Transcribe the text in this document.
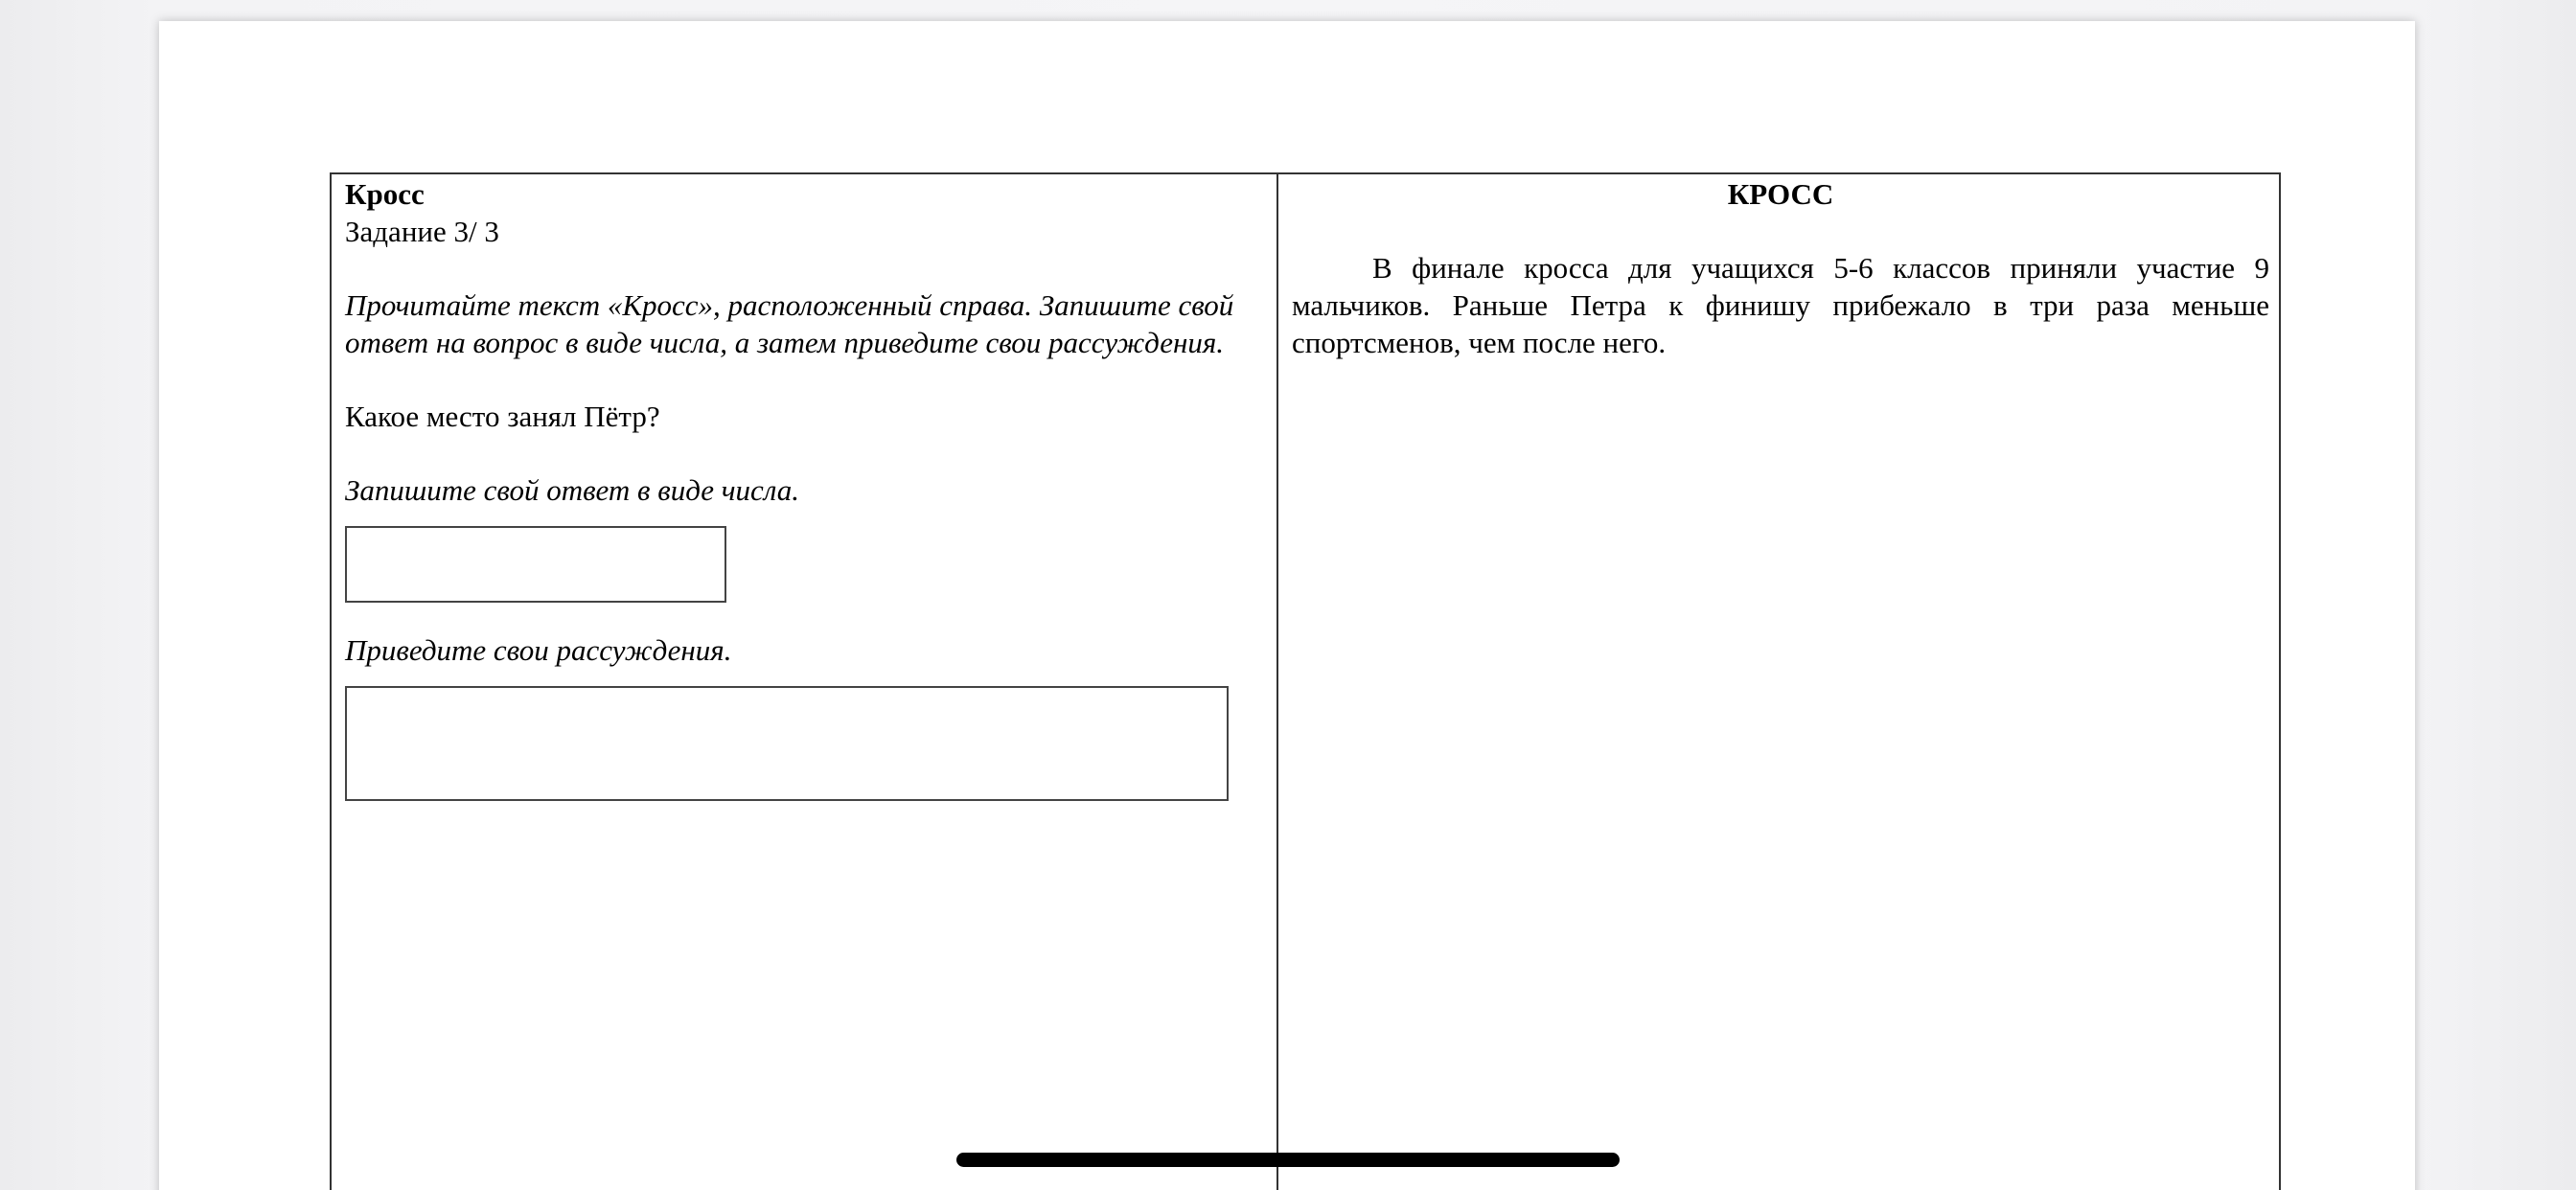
Кросс

Задание 3/ 3

Прочитайте текст «Кросс», расположенный справа. Запишите свой ответ на вопрос в виде числа, а затем приведите свои рассуждения.

Какое место занял Пётр?

Запишите свой ответ в виде числа.

Приведите свои рассуждения.

КРОСС

В финале кросса для учащихся 5-6 классов приняли участие 9 мальчиков. Раньше Петра к финишу прибежало в три раза меньше спортсменов, чем после него.
